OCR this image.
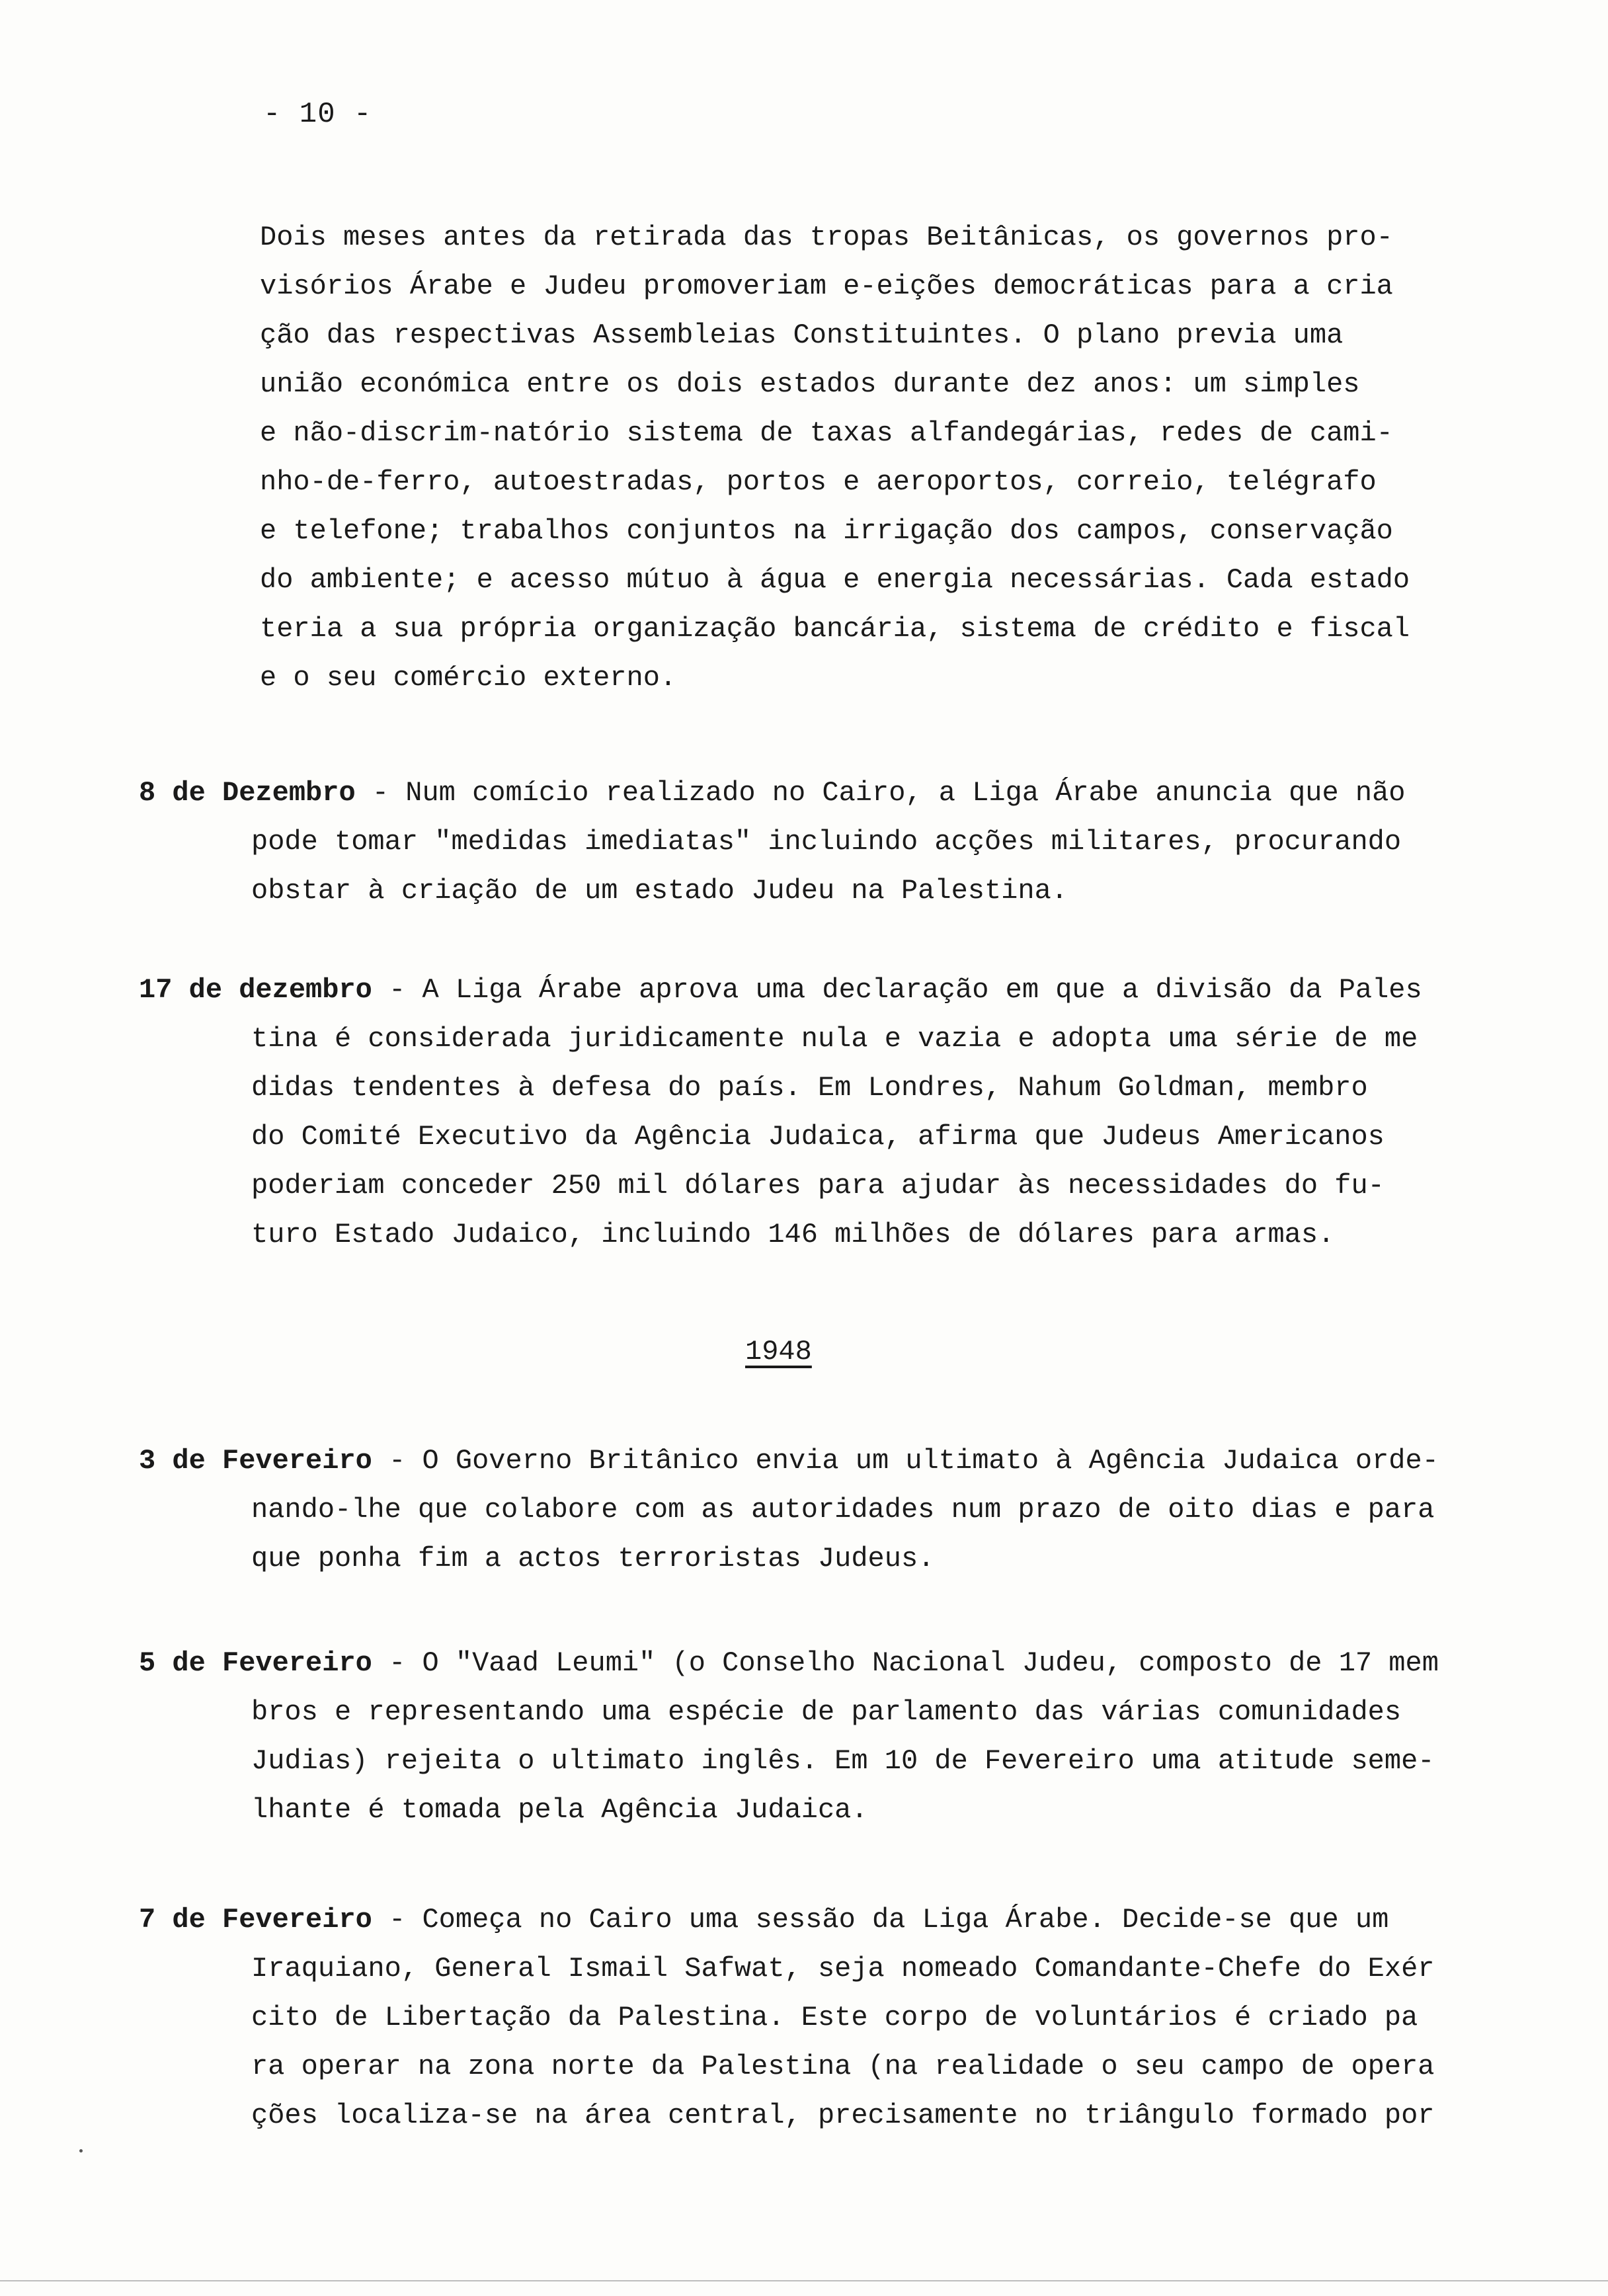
- 10 -
Dois meses antes da retirada das tropas Beitânicas, os governos pro-
visórios Árabe e Judeu promoveriam e-eições democráticas para a cria
ção das respectivas Assembleias Constituintes. O plano previa uma
união económica entre os dois estados durante dez anos: um simples
e não-discrim-natório sistema de taxas alfandegárias, redes de cami-
nho-de-ferro, autoestradas, portos e aeroportos, correio, telégrafo
e telefone; trabalhos conjuntos na irrigação dos campos, conservação
do ambiente; e acesso mútuo à água e energia necessárias. Cada estado
teria a sua própria organização bancária, sistema de crédito e fiscal
e o seu comércio externo.
8 de Dezembro - Num comício realizado no Cairo, a Liga Árabe anuncia que não
pode tomar "medidas imediatas" incluindo acções militares, procurando
obstar à criação de um estado Judeu na Palestina.
17 de dezembro - A Liga Árabe aprova uma declaração em que a divisão da Pales
tina é considerada juridicamente nula e vazia e adopta uma série de me
didas tendentes à defesa do país. Em Londres, Nahum Goldman, membro
do Comité Executivo da Agência Judaica, afirma que Judeus Americanos
poderiam conceder 250 mil dólares para ajudar às necessidades do fu-
turo Estado Judaico, incluindo 146 milhões de dólares para armas.
1948
3 de Fevereiro - O Governo Britânico envia um ultimato à Agência Judaica orde-
nando-lhe que colabore com as autoridades num prazo de oito dias e para
que ponha fim a actos terroristas Judeus.
5 de Fevereiro - O "Vaad Leumi" (o Conselho Nacional Judeu, composto de 17 mem
bros e representando uma espécie de parlamento das várias comunidades
Judias) rejeita o ultimato inglês. Em 10 de Fevereiro uma atitude seme-
lhante é tomada pela Agência Judaica.
7 de Fevereiro - Começa no Cairo uma sessão da Liga Árabe. Decide-se que um
Iraquiano, General Ismail Safwat, seja nomeado Comandante-Chefe do Exér
cito de Libertação da Palestina. Este corpo de voluntários é criado pa
ra operar na zona norte da Palestina (na realidade o seu campo de opera
ções localiza-se na área central, precisamente no triângulo formado por
